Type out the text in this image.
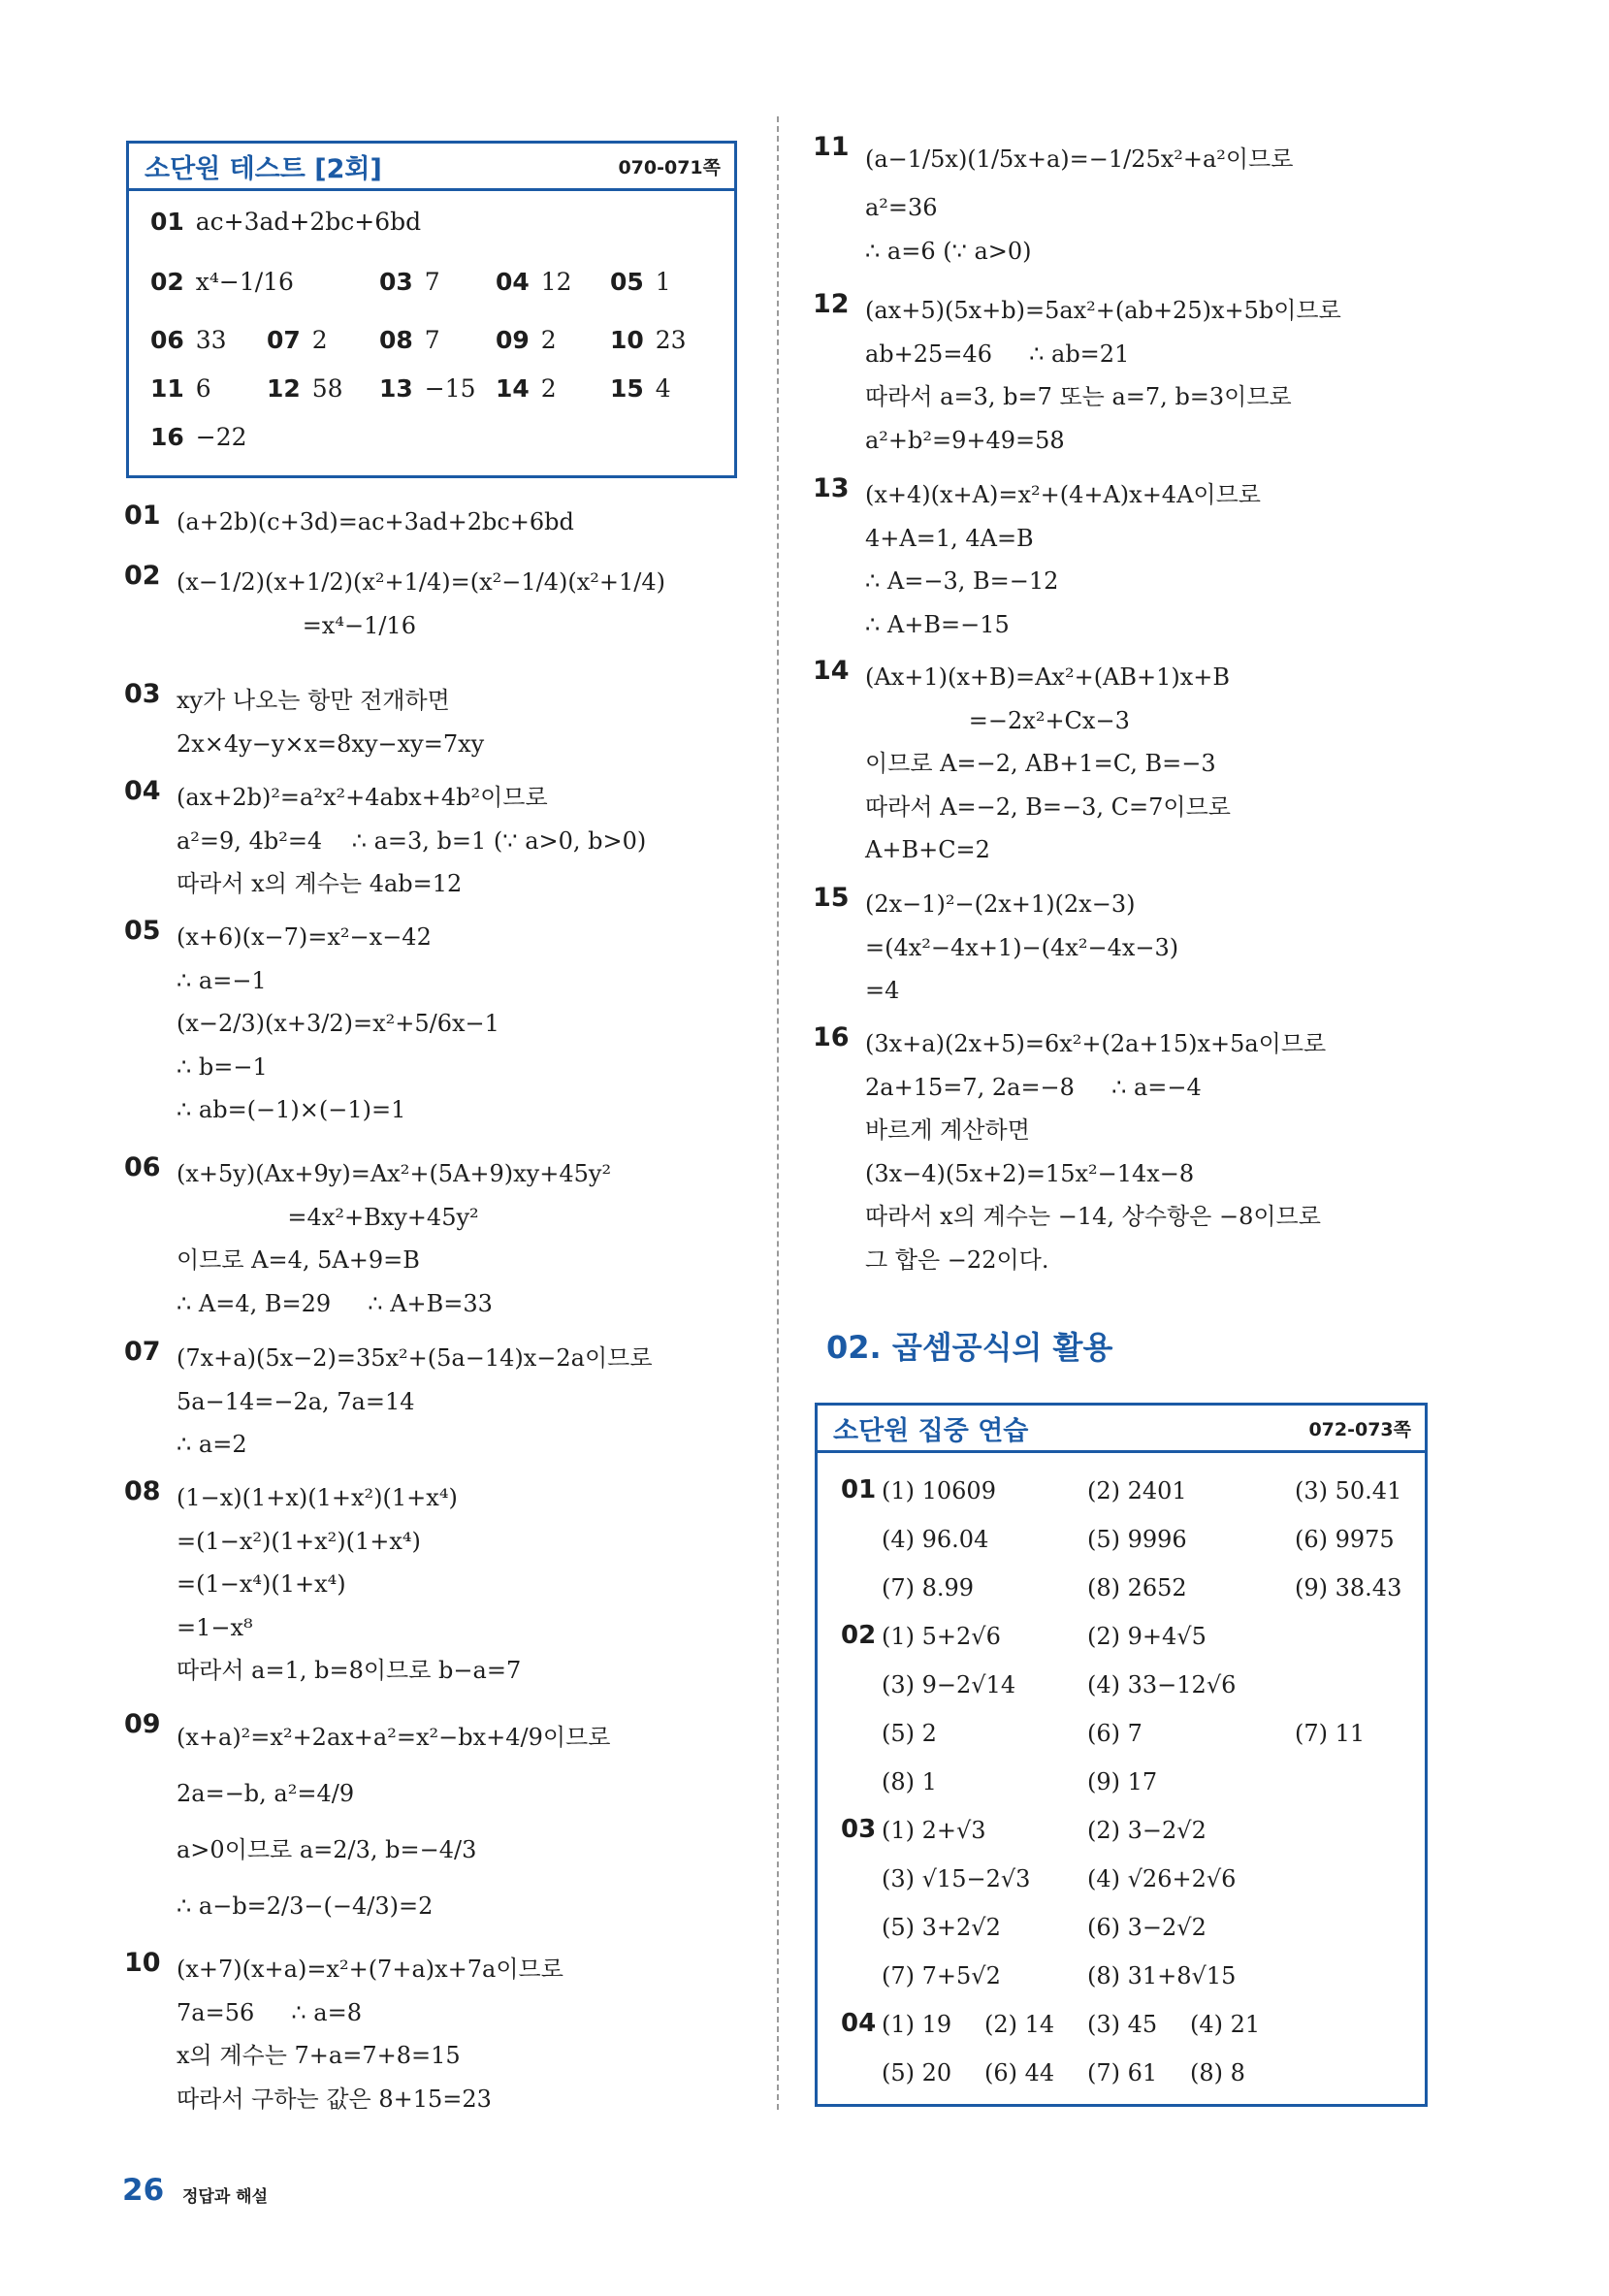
소단원 테스트 [2회]	070-071쪽
01 ac+3ad+2bc+6bd
02 x⁴−1/16	03 7 04 12 05 1
06 33 07 2 08 7 09 2 10 23
11 6 12 58 13 −15 14 2 15 4
16 −22
01 (a+2b)(c+3d)=ac+3ad+2bc+6bd
02 (x−1/2)(x+1/2)(x²+1/4)=(x²−1/4)(x²+1/4)
=x⁴−1/16
03 xy가 나오는 항만 전개하면
2x×4y−y×x=8xy−xy=7xy
04 (ax+2b)²=a²x²+4abx+4b²이므로
a²=9, 4b²=4    ∴ a=3, b=1 (∵ a>0, b>0)
따라서 x의 계수는 4ab=12
05 (x+6)(x−7)=x²−x−42
∴ a=−1
(x−2/3)(x+3/2)=x²+5/6x−1
∴ b=−1
∴ ab=(−1)×(−1)=1
06 (x+5y)(Ax+9y)=Ax²+(5A+9)xy+45y²
=4x²+Bxy+45y²
이므로 A=4, 5A+9=B
∴ A=4, B=29     ∴ A+B=33
07 (7x+a)(5x−2)=35x²+(5a−14)x−2a이므로
5a−14=−2a, 7a=14
∴ a=2
08 (1−x)(1+x)(1+x²)(1+x⁴)
=(1−x²)(1+x²)(1+x⁴)
=(1−x⁴)(1+x⁴)
=1−x⁸
따라서 a=1, b=8이므로 b−a=7
09 (x+a)²=x²+2ax+a²=x²−bx+4/9이므로
2a=−b, a²=4/9
a>0이므로 a=2/3, b=−4/3
∴ a−b=2/3−(−4/3)=2
10 (x+7)(x+a)=x²+(7+a)x+7a이므로
7a=56     ∴ a=8
x의 계수는 7+a=7+8=15
따라서 구하는 값은 8+15=23
11 (a−1/5x)(1/5x+a)=−1/25x²+a²이므로
a²=36
∴ a=6 (∵ a>0)
12 (ax+5)(5x+b)=5ax²+(ab+25)x+5b이므로
ab+25=46     ∴ ab=21
따라서 a=3, b=7 또는 a=7, b=3이므로
a²+b²=9+49=58
13 (x+4)(x+A)=x²+(4+A)x+4A이므로
4+A=1, 4A=B
∴ A=−3, B=−12
∴ A+B=−15
14 (Ax+1)(x+B)=Ax²+(AB+1)x+B
=−2x²+Cx−3
이므로 A=−2, AB+1=C, B=−3
따라서 A=−2, B=−3, C=7이므로
A+B+C=2
15 (2x−1)²−(2x+1)(2x−3)
=(4x²−4x+1)−(4x²−4x−3)
=4
16 (3x+a)(2x+5)=6x²+(2a+15)x+5a이므로
2a+15=7, 2a=−8     ∴ a=−4
바르게 계산하면
(3x−4)(5x+2)=15x²−14x−8
따라서 x의 계수는 −14, 상수항은 −8이므로
그 합은 −22이다.
02. 곱셈공식의 활용
소단원 집중 연습	072-073쪽
01 (1) 10609	(2) 2401	(3) 50.41
(4) 96.04	(5) 9996	(6) 9975
(7) 8.99	(8) 2652	(9) 38.43
02 (1) 5+2√6	(2) 9+4√5
(3) 9−2√14	(4) 33−12√6
(5) 2	(6) 7	(7) 11
(8) 1	(9) 17
03 (1) 2+√3	(2) 3−2√2
(3) √15−2√3 (4) √26+2√6
(5) 3+2√2	(6) 3−2√2
(7) 7+5√2	(8) 31+8√15
04 (1) 19 (2) 14 (3) 45 (4) 21
(5) 20 (6) 44 (7) 61 (8) 8
26 정답과 해설
